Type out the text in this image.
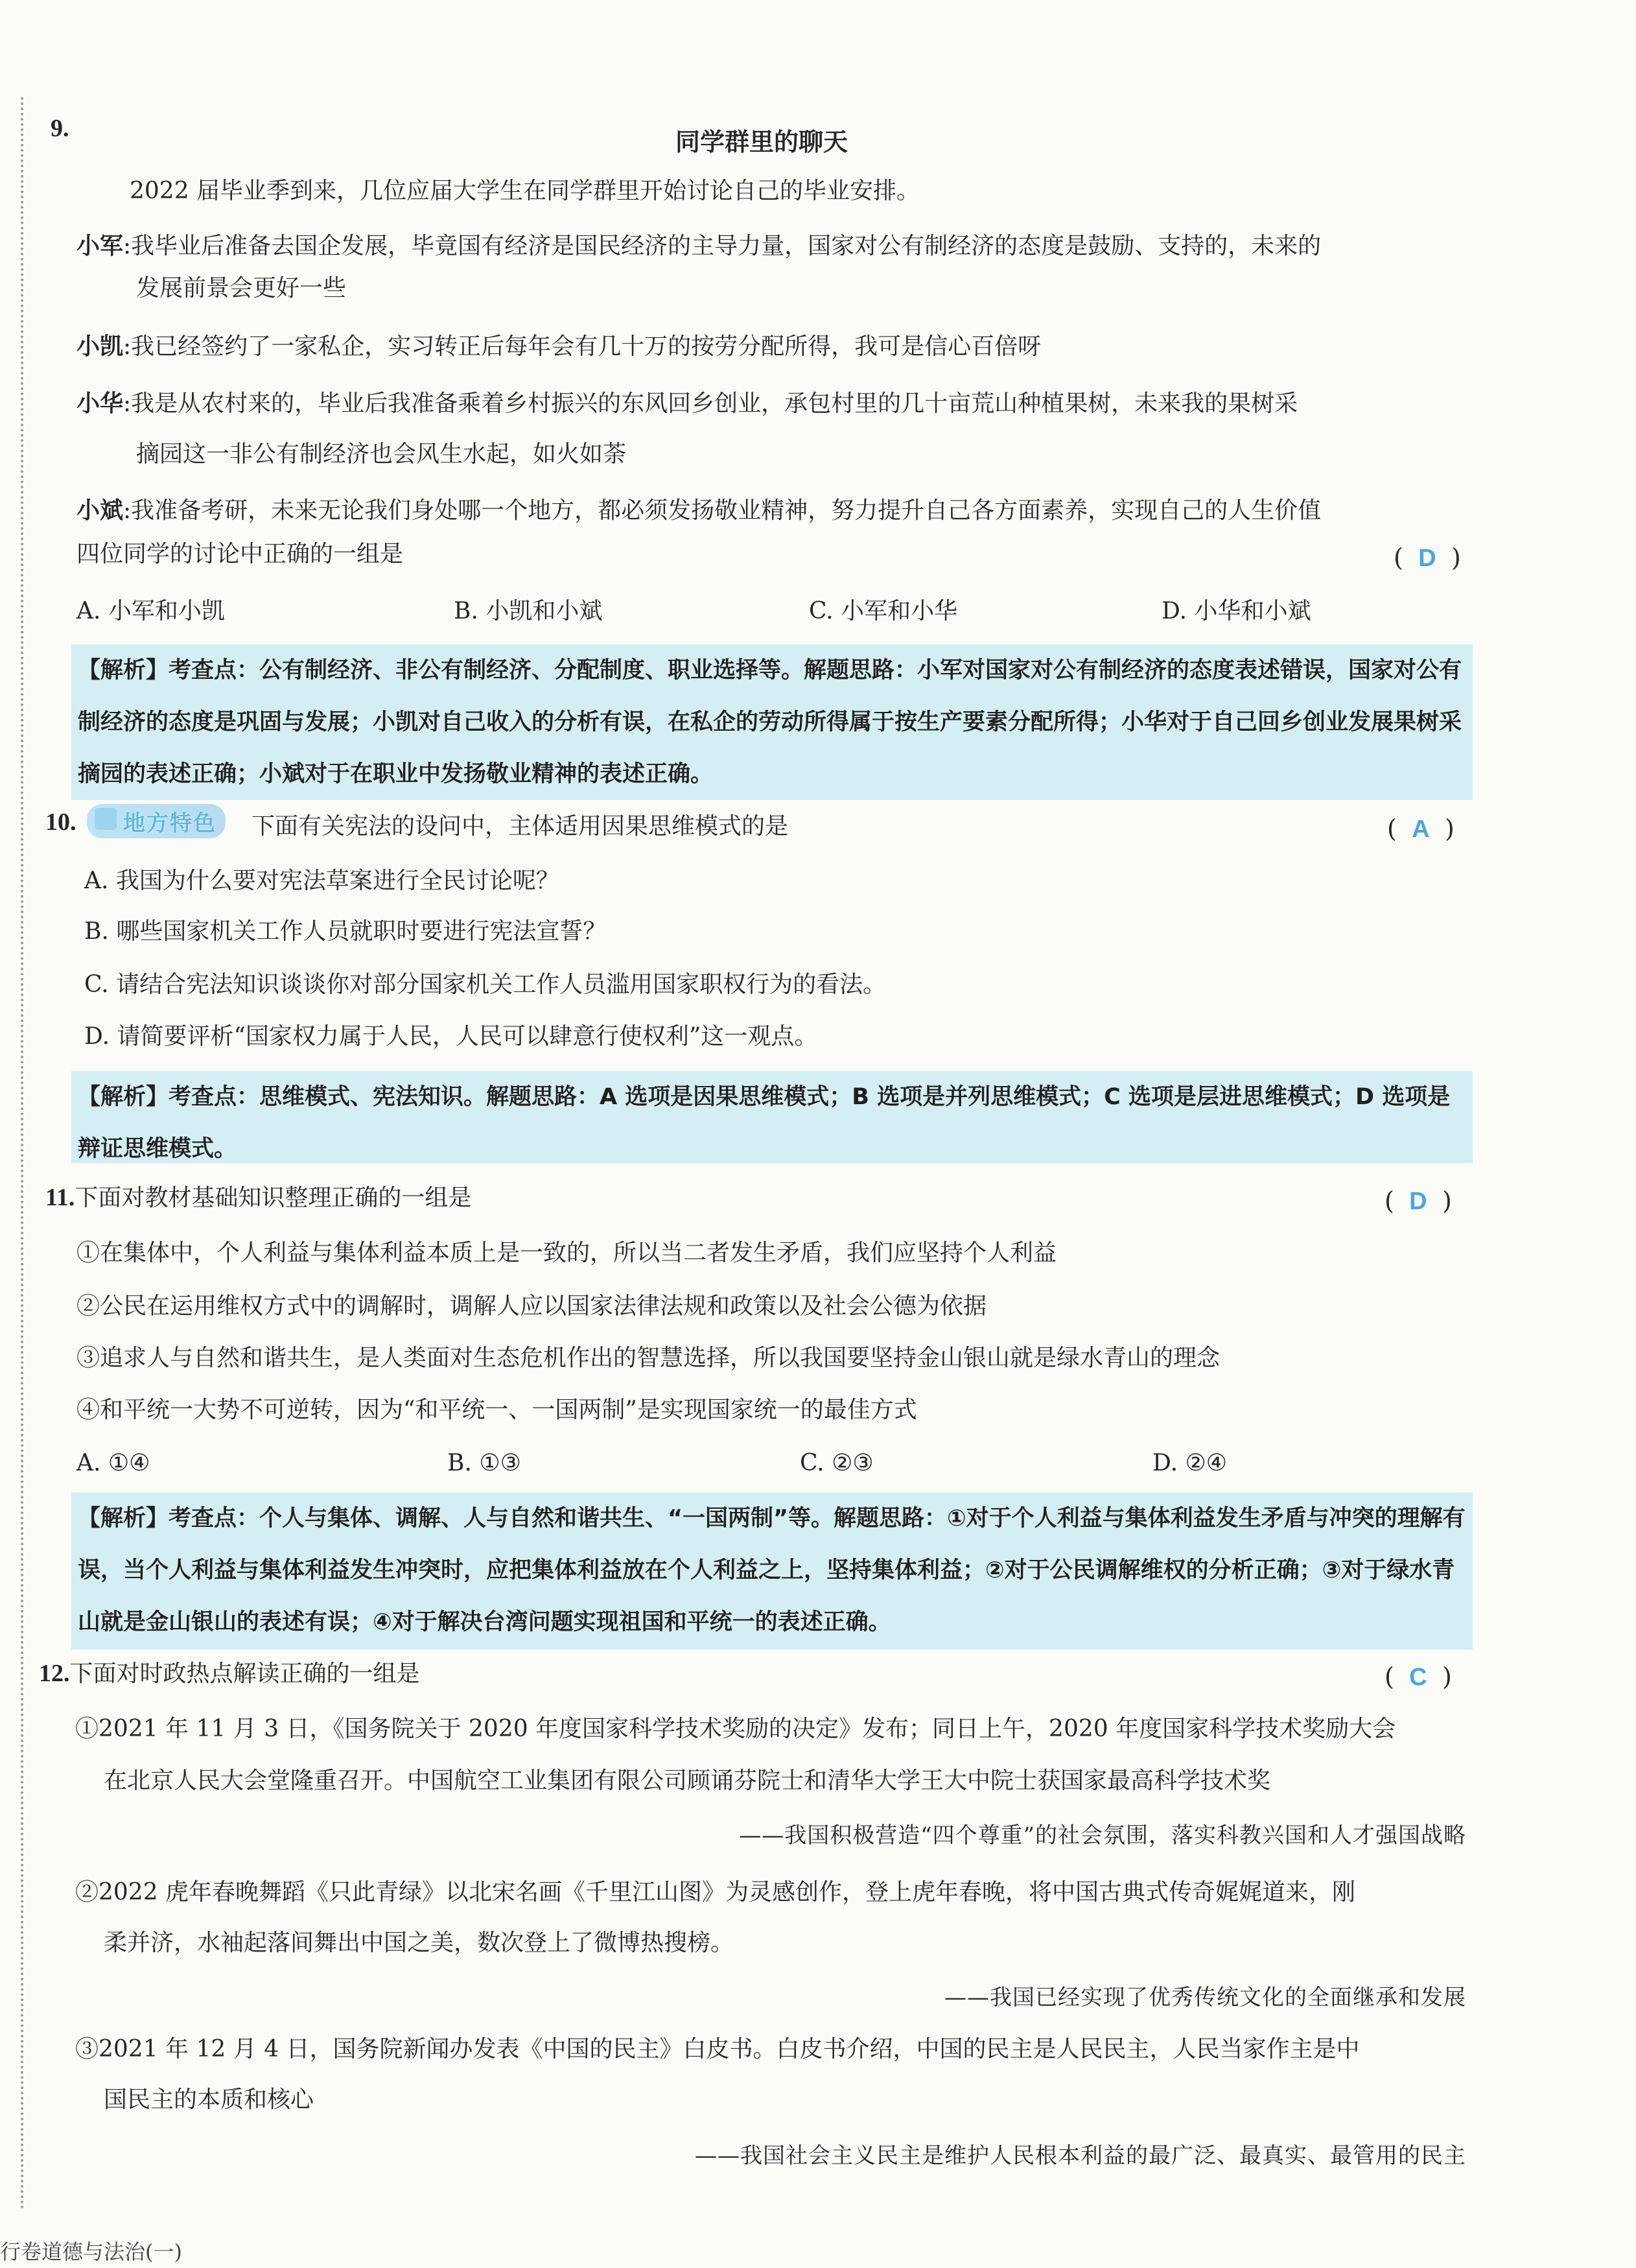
9.	同学群里的聊天
2022 届毕业季到来，几位应届大学生在同学群里开始讨论自己的毕业安排。
小军:我毕业后准备去国企发展，毕竟国有经济是国民经济的主导力量，国家对公有制经济的态度是鼓励、支持的，未来的
发展前景会更好一些
小凯:我已经签约了一家私企，实习转正后每年会有几十万的按劳分配所得，我可是信心百倍呀
小华:我是从农村来的，毕业后我准备乘着乡村振兴的东风回乡创业，承包村里的几十亩荒山种植果树，未来我的果树采
摘园这一非公有制经济也会风生水起，如火如荼
小斌:我准备考研，未来无论我们身处哪一个地方，都必须发扬敬业精神，努力提升自己各方面素养，实现自己的人生价值
四位同学的讨论中正确的一组是	( D )
A. 小军和小凯	B. 小凯和小斌	C. 小军和小华	D. 小华和小斌
【解析】考查点：公有制经济、非公有制经济、分配制度、职业选择等。解题思路：小军对国家对公有制经济的态度表述错误，国家对公有制经济的态度是巩固与发展；小凯对自己收入的分析有误，在私企的劳动所得属于按生产要素分配所得；小华对于自己回乡创业发展果树采摘园的表述正确；小斌对于在职业中发扬敬业精神的表述正确。
10.	地方特色	下面有关宪法的设问中，主体适用因果思维模式的是	( A )
A. 我国为什么要对宪法草案进行全民讨论呢？
B. 哪些国家机关工作人员就职时要进行宪法宣誓？
C. 请结合宪法知识谈谈你对部分国家机关工作人员滥用国家职权行为的看法。
D. 请简要评析“国家权力属于人民，人民可以肆意行使权利”这一观点。
【解析】考查点：思维模式、宪法知识。解题思路：A 选项是因果思维模式；B 选项是并列思维模式；C 选项是层进思维模式；D 选项是辩证思维模式。
11.下面对教材基础知识整理正确的一组是	( D )
①在集体中，个人利益与集体利益本质上是一致的，所以当二者发生矛盾，我们应坚持个人利益
②公民在运用维权方式中的调解时，调解人应以国家法律法规和政策以及社会公德为依据
③追求人与自然和谐共生，是人类面对生态危机作出的智慧选择，所以我国要坚持金山银山就是绿水青山的理念
④和平统一大势不可逆转，因为“和平统一、一国两制”是实现国家统一的最佳方式
A. ①④	B. ①③	C. ②③	D. ②④
【解析】考查点：个人与集体、调解、人与自然和谐共生、“一国两制”等。解题思路：①对于个人利益与集体利益发生矛盾与冲突的理解有误，当个人利益与集体利益发生冲突时，应把集体利益放在个人利益之上，坚持集体利益；②对于公民调解维权的分析正确；③对于绿水青山就是金山银山的表述有误；④对于解决台湾问题实现祖国和平统一的表述正确。
12.下面对时政热点解读正确的一组是	( C )
①2021 年 11 月 3 日，《国务院关于 2020 年度国家科学技术奖励的决定》发布；同日上午，2020 年度国家科学技术奖励大会
在北京人民大会堂隆重召开。中国航空工业集团有限公司顾诵芬院士和清华大学王大中院士获国家最高科学技术奖
——我国积极营造“四个尊重”的社会氛围，落实科教兴国和人才强国战略
②2022 虎年春晚舞蹈《只此青绿》以北宋名画《千里江山图》为灵感创作，登上虎年春晚，将中国古典式传奇娓娓道来，刚
柔并济，水袖起落间舞出中国之美，数次登上了微博热搜榜。
——我国已经实现了优秀传统文化的全面继承和发展
③2021 年 12 月 4 日，国务院新闻办发表《中国的民主》白皮书。白皮书介绍，中国的民主是人民民主，人民当家作主是中
国民主的本质和核心
——我国社会主义民主是维护人民根本利益的最广泛、最真实、最管用的民主
行卷道德与法治(一)
